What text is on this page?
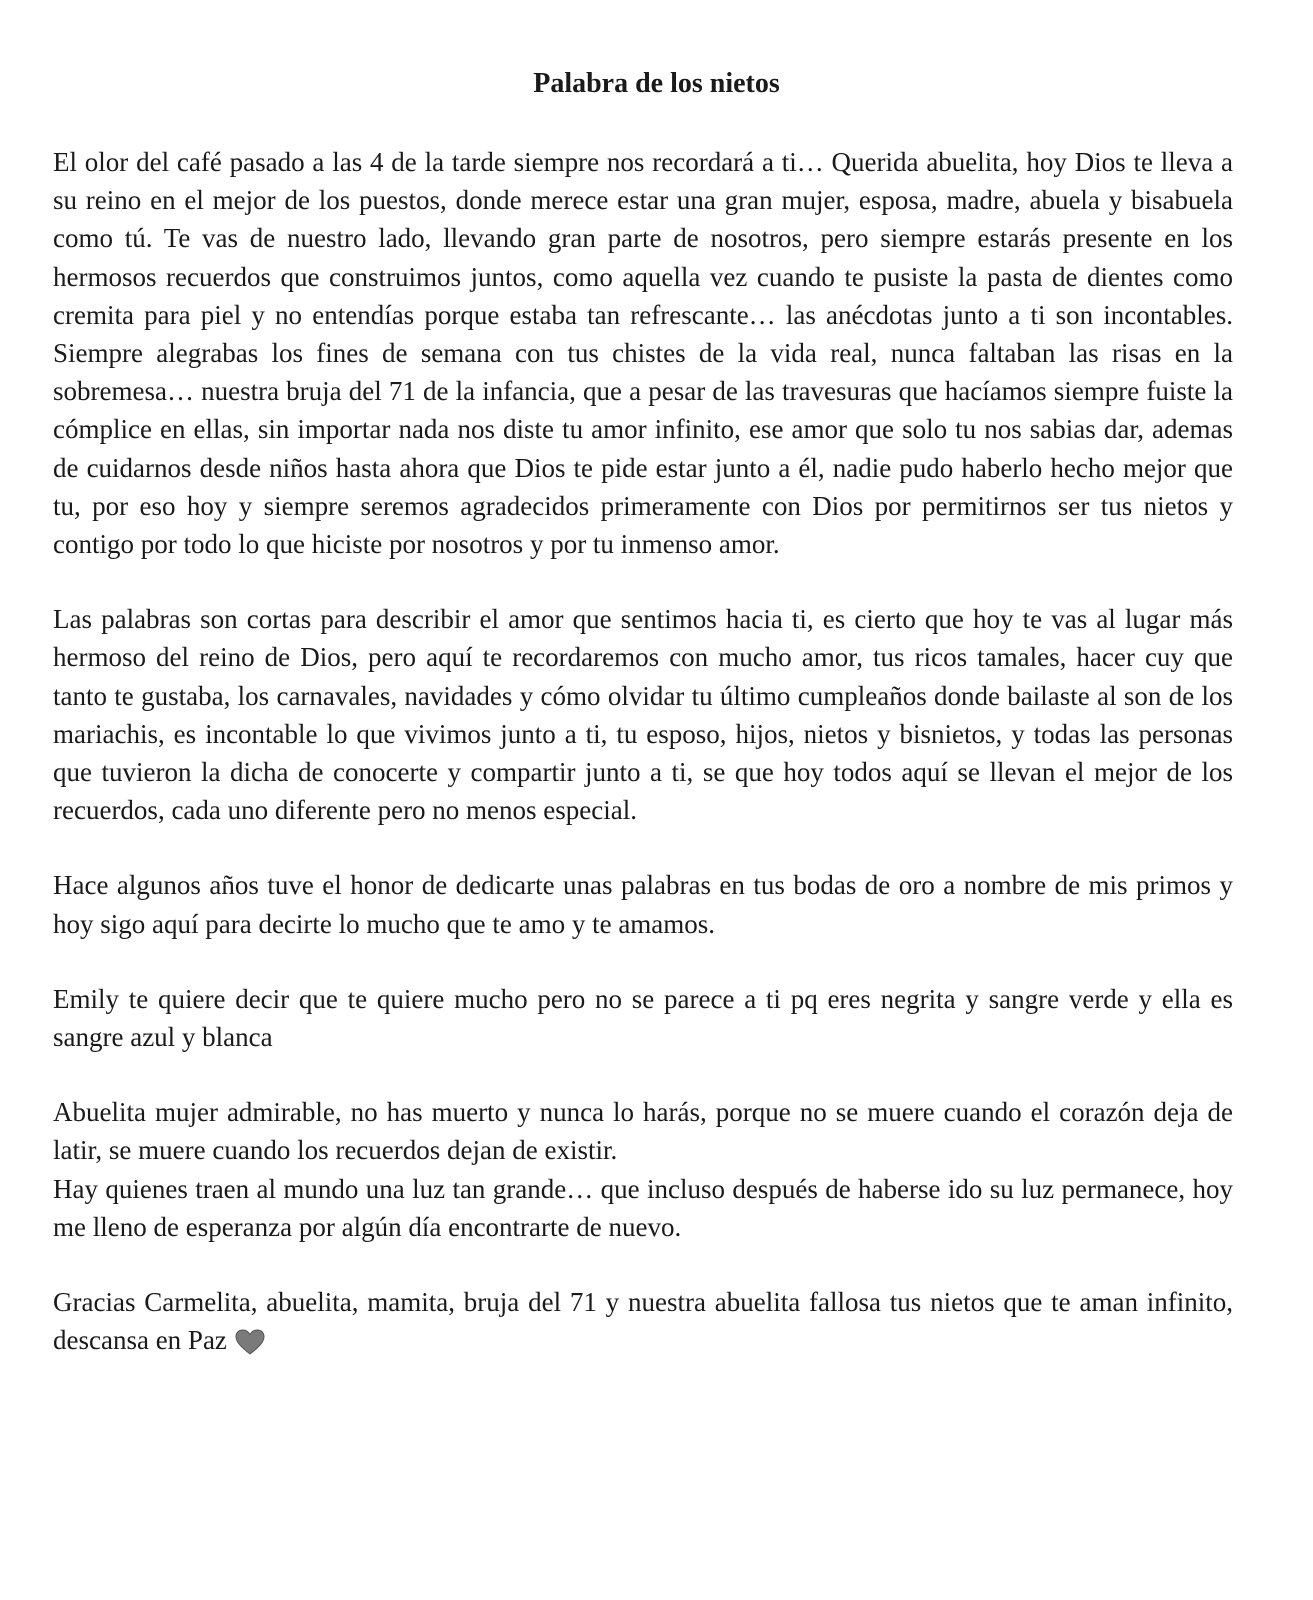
Palabra de los nietos

El olor del café pasado a las 4 de la tarde siempre nos recordará a ti… Querida abuelita, hoy Dios te lleva a su reino en el mejor de los puestos, donde merece estar una gran mujer, esposa, madre, abuela y bisabuela como tú. Te vas de nuestro lado, llevando gran parte de nosotros, pero siempre estarás presente en los hermosos recuerdos que construimos juntos, como aquella vez cuando te pusiste la pasta de dientes como cremita para piel y no entendías porque estaba tan refrescante… las anécdotas junto a ti son incontables. Siempre alegrabas los fines de semana con tus chistes de la vida real, nunca faltaban las risas en la sobremesa… nuestra bruja del 71 de la infancia, que a pesar de las travesuras que hacíamos siempre fuiste la cómplice en ellas, sin importar nada nos diste tu amor infinito, ese amor que solo tu nos sabias dar, ademas de cuidarnos desde niños hasta ahora que Dios te pide estar junto a él, nadie pudo haberlo hecho mejor que tu, por eso hoy y siempre seremos agradecidos primeramente con Dios por permitirnos ser tus nietos y contigo por todo lo que hiciste por nosotros y por tu inmenso amor.

Las palabras son cortas para describir el amor que sentimos hacia ti, es cierto que hoy te vas al lugar más hermoso del reino de Dios, pero aquí te recordaremos con mucho amor, tus ricos tamales, hacer cuy que tanto te gustaba, los carnavales, navidades y cómo olvidar tu último cumpleaños donde bailaste al son de los mariachis, es incontable lo que vivimos junto a ti, tu esposo, hijos, nietos y bisnietos, y todas las personas que tuvieron la dicha de conocerte y compartir junto a ti, se que hoy todos aquí se llevan el mejor de los recuerdos, cada uno diferente pero no menos especial.

Hace algunos años tuve el honor de dedicarte unas palabras en tus bodas de oro a nombre de mis primos y hoy sigo aquí para decirte lo mucho que te amo y te amamos.

Emily te quiere decir que te quiere mucho pero no se parece a ti pq eres negrita y sangre verde y ella es sangre azul y blanca

Abuelita mujer admirable, no has muerto y nunca lo harás, porque no se muere cuando el corazón deja de latir, se muere cuando los recuerdos dejan de existir.
Hay quienes traen al mundo una luz tan grande… que incluso después de haberse ido su luz permanece, hoy me lleno de esperanza por algún día encontrarte de nuevo.

Gracias Carmelita, abuelita, mamita, bruja del 71 y nuestra abuelita fallosa tus nietos que te aman infinito, descansa en Paz
